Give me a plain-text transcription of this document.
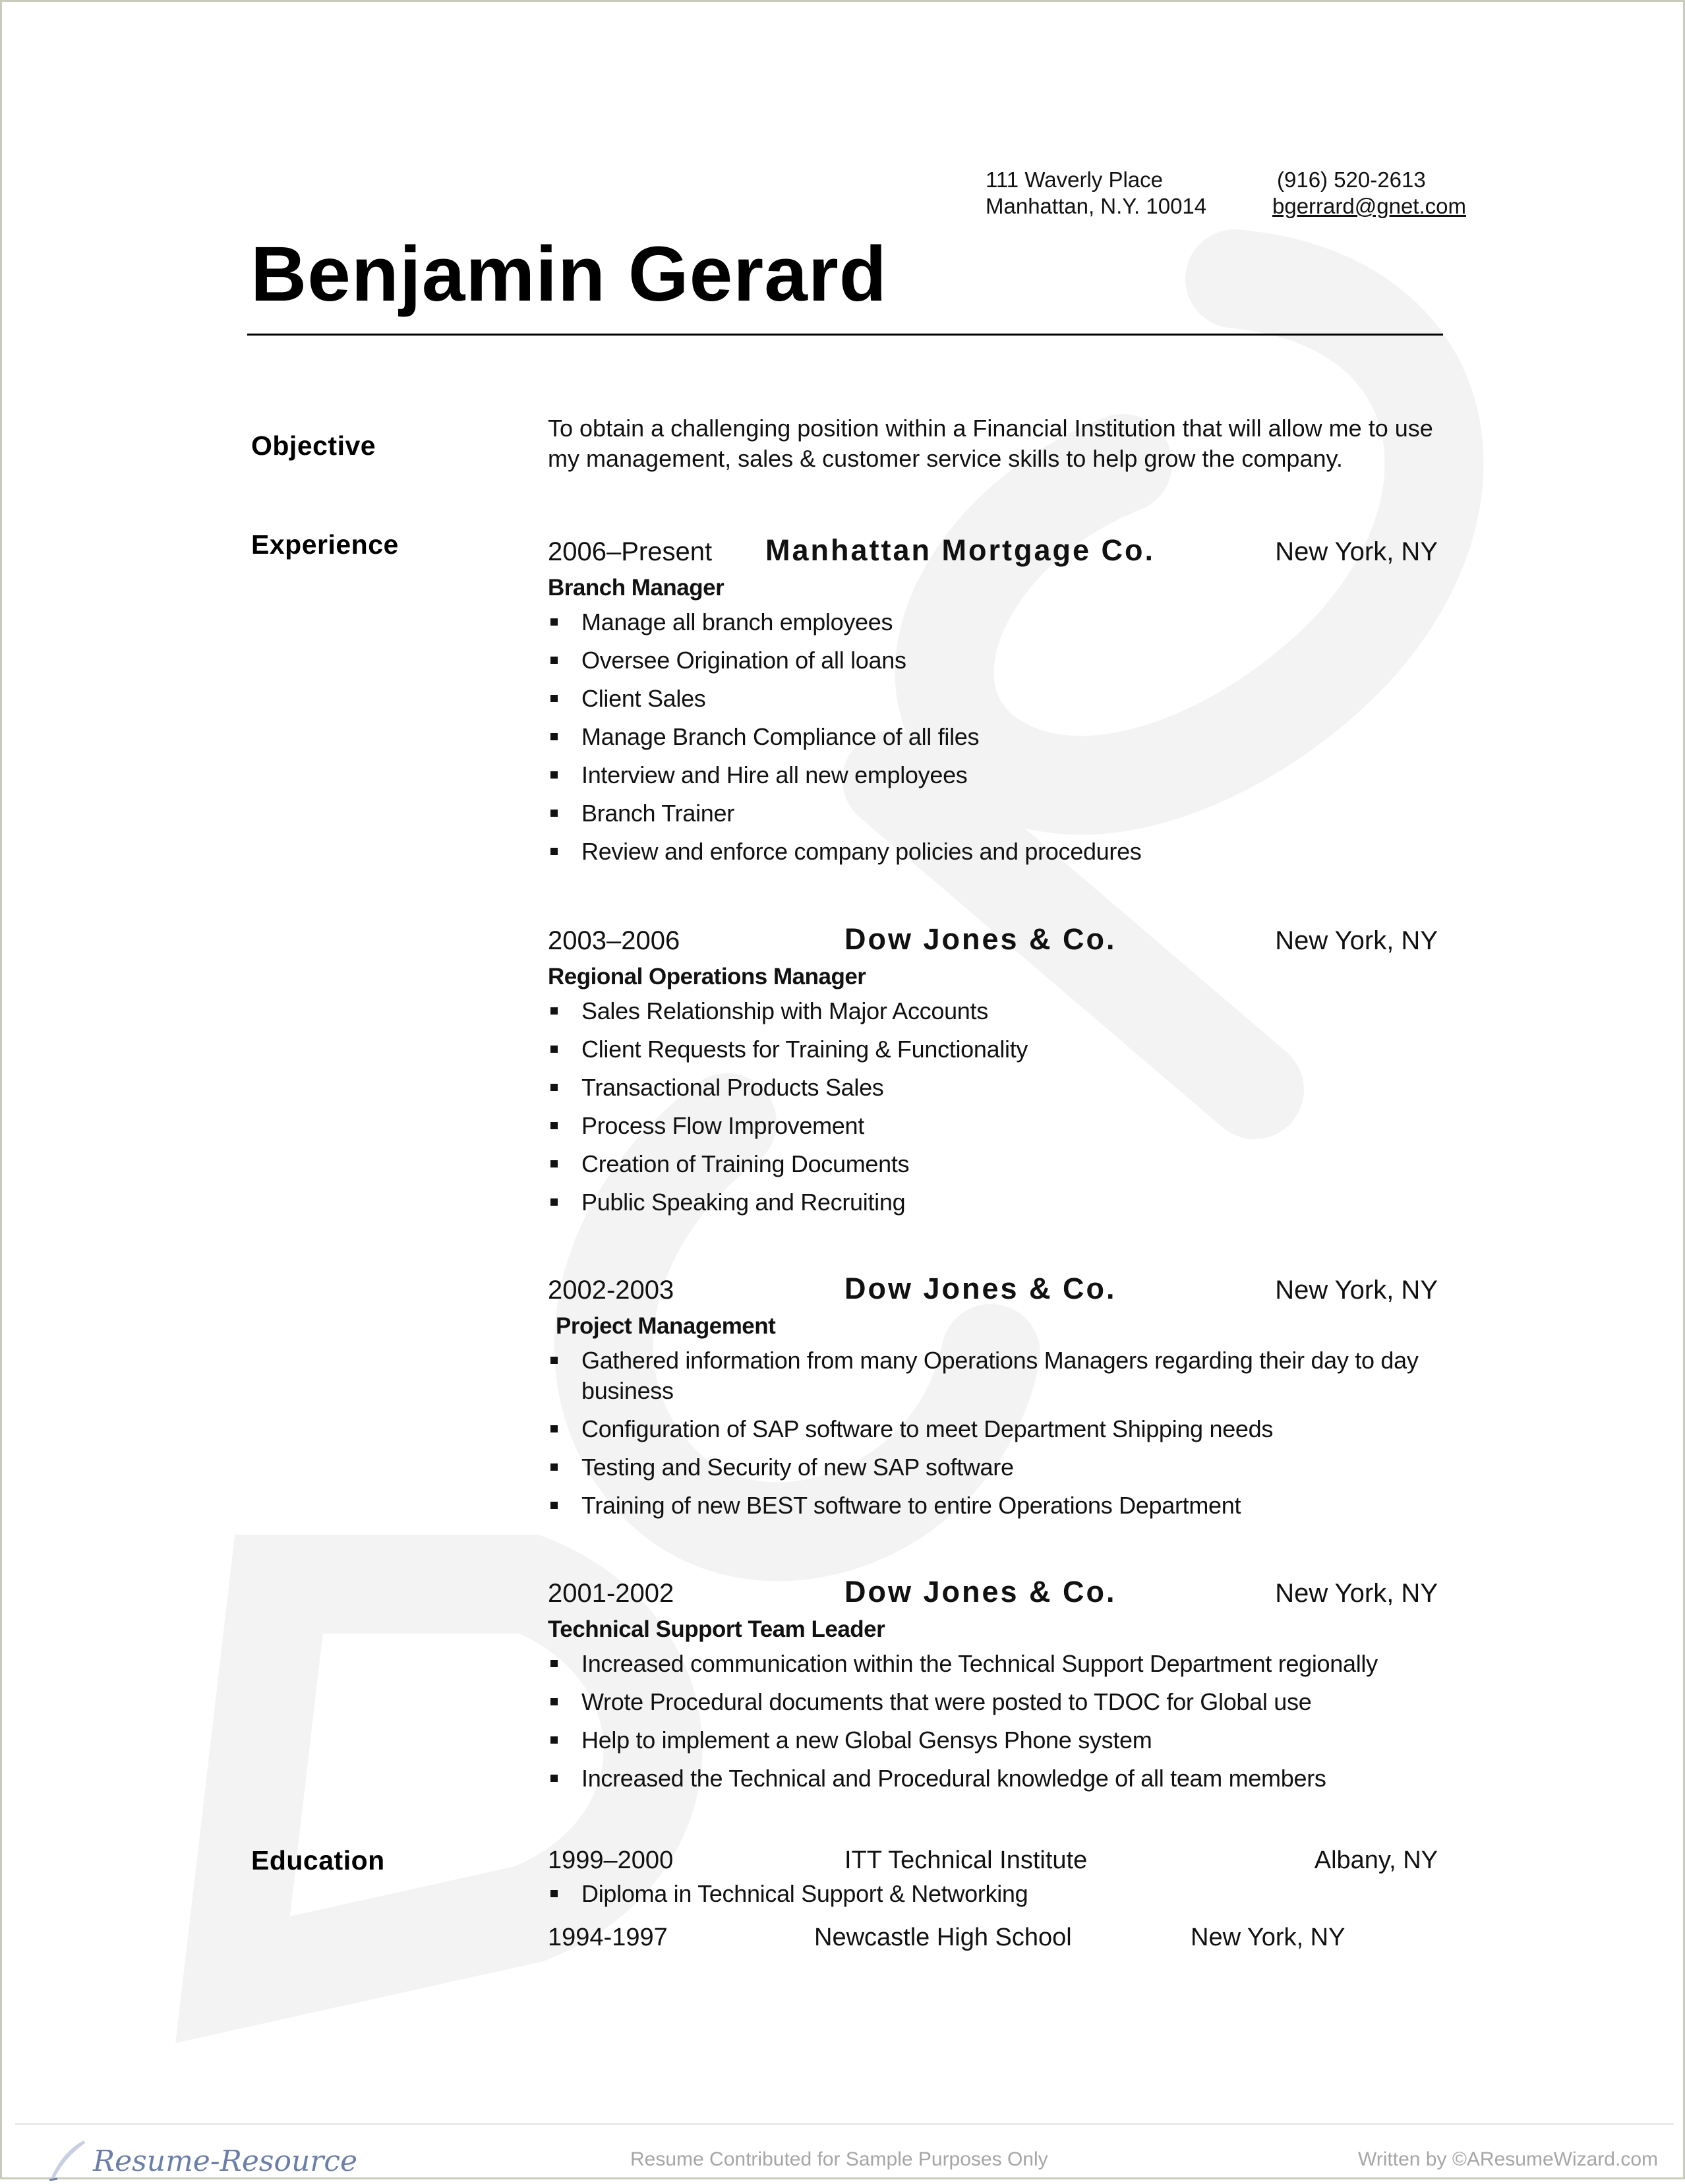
111 Waverly Place	(916) 520-2613
Manhattan, N.Y. 10014	bgerrard@gnet.com
Benjamin Gerard
Objective
To obtain a challenging position within a Financial Institution that will allow me to use my management, sales & customer service skills to help grow the company.
Experience	2006–Present Manhattan Mortgage Co.	New York, NY
Branch Manager
Manage all branch employees
Oversee Origination of all loans
Client Sales
Manage Branch Compliance of all files
Interview and Hire all new employees
Branch Trainer
Review and enforce company policies and procedures
2003–2006	Dow Jones & Co.	New York, NY
Regional Operations Manager
Sales Relationship with Major Accounts
Client Requests for Training & Functionality
Transactional Products Sales
Process Flow Improvement
Creation of Training Documents
Public Speaking and Recruiting
2002-2003	Dow Jones & Co.	New York, NY
Project Management
Gathered information from many Operations Managers regarding their day to day business
Configuration of SAP software to meet Department Shipping needs
Testing and Security of new SAP software
Training of new BEST software to entire Operations Department
2001-2002	Dow Jones & Co.	New York, NY
Technical Support Team Leader
Increased communication within the Technical Support Department regionally
Wrote Procedural documents that were posted to TDOC for Global use
Help to implement a new Global Gensys Phone system
Increased the Technical and Procedural knowledge of all team members
Education	1999–2000	ITT Technical Institute	Albany, NY
Diploma in Technical Support & Networking
1994-1997	Newcastle High School	New York, NY
Resume-Resource	Resume Contributed for Sample Purposes Only	Written by ©AResumeWizard.com
